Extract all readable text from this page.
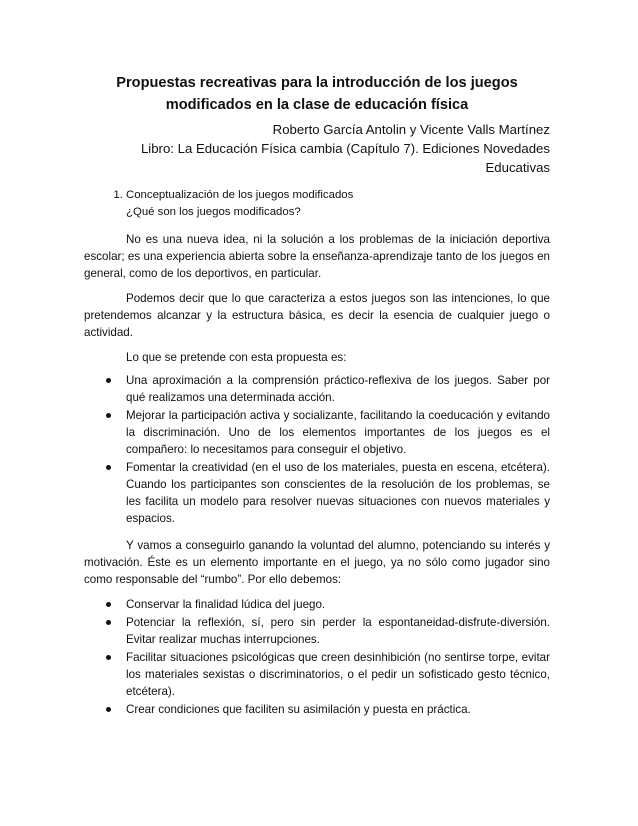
Propuestas recreativas para la introducción de los juegos modificados en la clase de educación física

Roberto García Antolin y Vicente Valls Martínez

Libro: La Educación Física cambia (Capítulo 7). Ediciones Novedades Educativas

1. Conceptualización de los juegos modificados
¿Qué son los juegos modificados?

No es una nueva idea, ni la solución a los problemas de la iniciación deportiva escolar; es una experiencia abierta sobre la enseñanza-aprendizaje tanto de los juegos en general, como de los deportivos, en particular.

Podemos decir que lo que caracteriza a estos juegos son las intenciones, lo que pretendemos alcanzar y la estructura básica, es decir la esencia de cualquier juego o actividad.

Lo que se pretende con esta propuesta es:

Una aproximación a la comprensión práctico-reflexiva de los juegos. Saber por qué realizamos una determinada acción.
Mejorar la participación activa y socializante, facilitando la coeducación y evitando la discriminación. Uno de los elementos importantes de los juegos es el compañero: lo necesitamos para conseguir el objetivo.
Fomentar la creatividad (en el uso de los materiales, puesta en escena, etcétera). Cuando los participantes son conscientes de la resolución de los problemas, se les facilita un modelo para resolver nuevas situaciones con nuevos materiales y espacios.

Y vamos a conseguirlo ganando la voluntad del alumno, potenciando su interés y motivación. Éste es un elemento importante en el juego, ya no sólo como jugador sino como responsable del “rumbo”. Por ello debemos:

Conservar la finalidad lúdica del juego.
Potenciar la reflexión, sí, pero sin perder la espontaneidad-disfrute-diversión. Evitar realizar muchas interrupciones.
Facilitar situaciones psicológicas que creen desinhibición (no sentirse torpe, evitar los materiales sexistas o discriminatorios, o el pedir un sofisticado gesto técnico, etcétera).
Crear condiciones que faciliten su asimilación y puesta en práctica.
